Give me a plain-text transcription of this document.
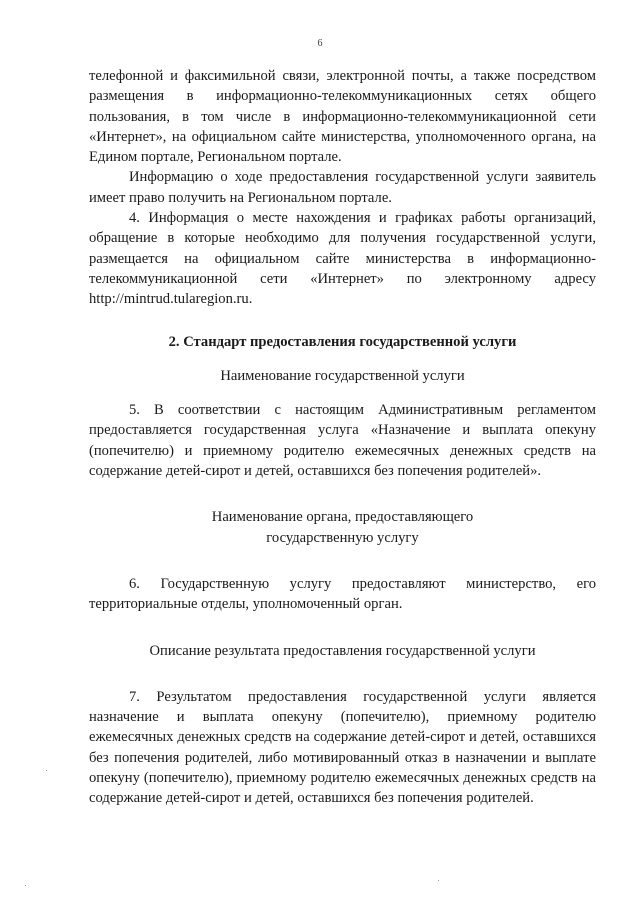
6

телефонной и факсимильной связи, электронной почты, а также посредством размещения в информационно-телекоммуникационных сетях общего пользования, в том числе в информационно-телекоммуникационной сети «Интернет», на официальном сайте министерства, уполномоченного органа, на Едином портале, Региональном портале.

Информацию о ходе предоставления государственной услуги заявитель имеет право получить на Региональном портале.

4. Информация о месте нахождения и графиках работы организаций, обращение в которые необходимо для получения государственной услуги, размещается на официальном сайте министерства в информационно-телекоммуникационной сети «Интернет» по электронному адресу http://mintrud.tularegion.ru.

2. Стандарт предоставления государственной услуги

Наименование государственной услуги

5. В соответствии с настоящим Административным регламентом предоставляется государственная услуга «Назначение и выплата опекуну (попечителю) и приемному родителю ежемесячных денежных средств на содержание детей-сирот и детей, оставшихся без попечения родителей».

Наименование органа, предоставляющего

государственную услугу

6. Государственную услугу предоставляют министерство, его территориальные отделы, уполномоченный орган.

Описание результата предоставления государственной услуги

7. Результатом предоставления государственной услуги является назначение и выплата опекуну (попечителю), приемному родителю ежемесячных денежных средств на содержание детей-сирот и детей, оставшихся без попечения родителей, либо мотивированный отказ в назначении и выплате опекуну (попечителю), приемному родителю ежемесячных денежных средств на содержание детей-сирот и детей, оставшихся без попечения родителей.
